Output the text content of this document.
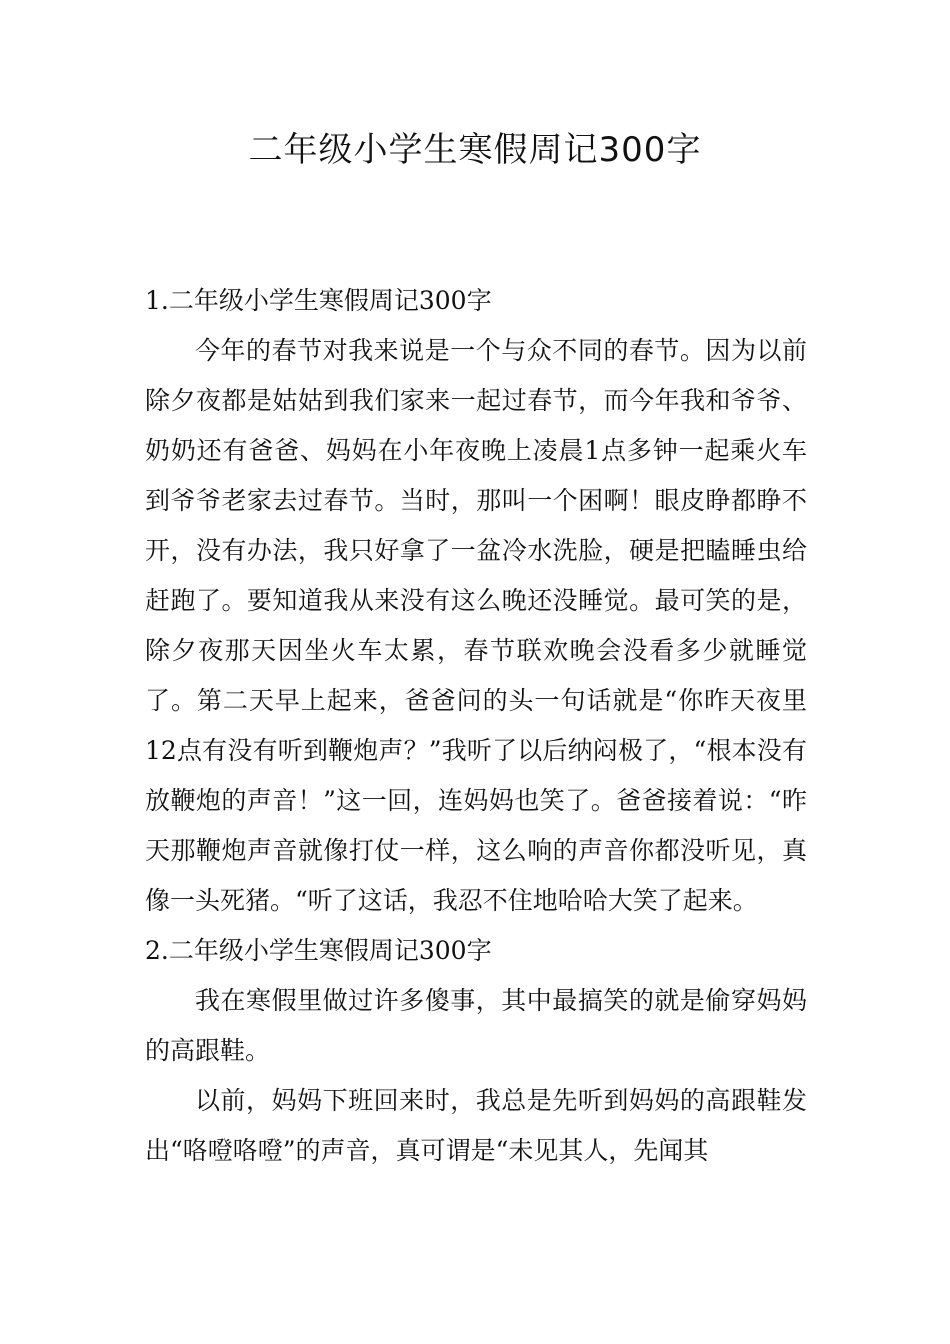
二年级小学生寒假周记300字
1.二年级小学生寒假周记300字

今年的春节对我来说是一个与众不同的春节。因为以前除夕夜都是姑姑到我们家来一起过春节，而今年我和爷爷、奶奶还有爸爸、妈妈在小年夜晚上凌晨1点多钟一起乘火车到爷爷老家去过春节。当时，那叫一个困啊！眼皮睁都睁不开，没有办法，我只好拿了一盆冷水洗脸，硬是把瞌睡虫给赶跑了。要知道我从来没有这么晚还没睡觉。最可笑的是，除夕夜那天因坐火车太累，春节联欢晚会没看多少就睡觉了。第二天早上起来，爸爸问的头一句话就是“你昨天夜里12点有没有听到鞭炮声？”我听了以后纳闷极了，“根本没有放鞭炮的声音！”这一回，连妈妈也笑了。爸爸接着说：“昨天那鞭炮声音就像打仗一样，这么响的声音你都没听见，真像一头死猪。“听了这话，我忍不住地哈哈大笑了起来。

2.二年级小学生寒假周记300字

我在寒假里做过许多傻事，其中最搞笑的就是偷穿妈妈的高跟鞋。

以前，妈妈下班回来时，我总是先听到妈妈的高跟鞋发出“咯噔咯噔”的声音，真可谓是“未见其人，先闻其
